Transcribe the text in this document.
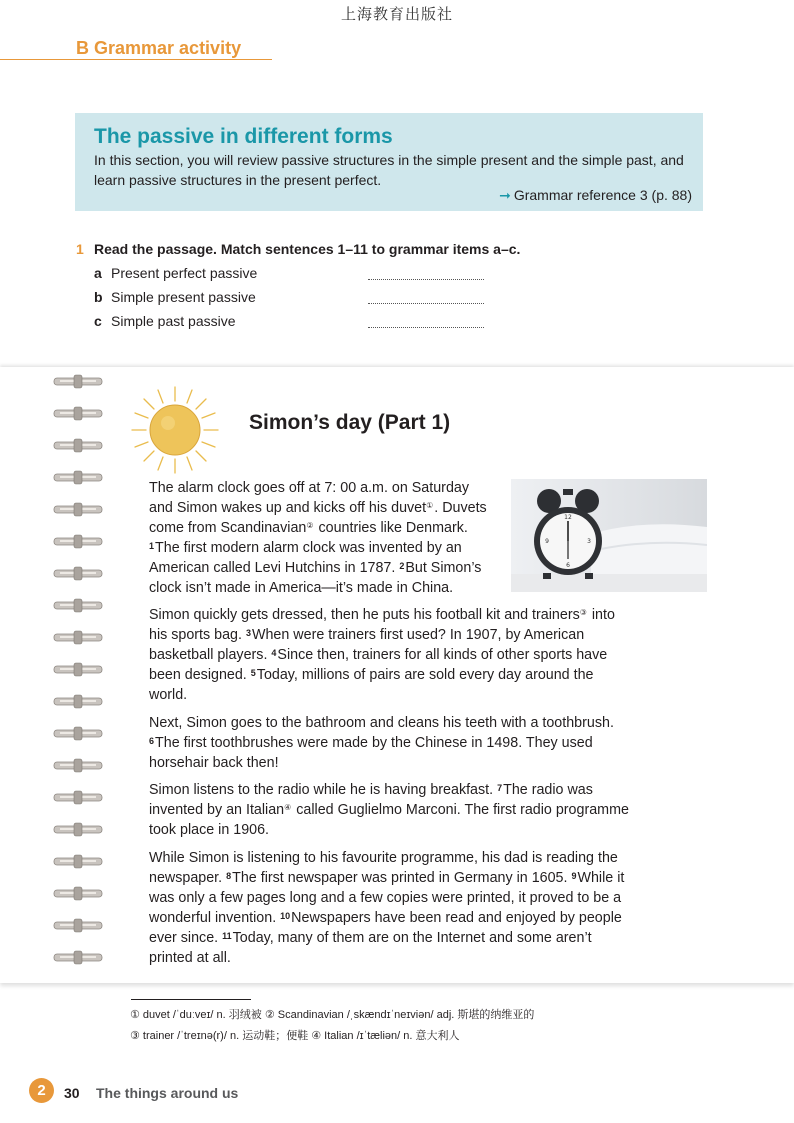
上海教育出版社
B Grammar activity
The passive in different forms
In this section, you will review passive structures in the simple present and the simple past, and learn passive structures in the present perfect.
➞ Grammar reference 3 (p. 88)
1 Read the passage. Match sentences 1–11 to grammar items a–c.
a Present perfect passive
b Simple present passive
c Simple past passive
Simon’s day (Part 1)
12
3
6
9
The alarm clock goes off at 7: 00 a.m. on Saturday and Simon wakes up and kicks off his duvet①. Duvets come from Scandinavian② countries like Denmark.
$^1$The first modern alarm clock was invented by an American called Levi Hutchins in 1787. $^2$But Simon’s clock isn’t made in America—it’s made in China.
Simon quickly gets dressed, then he puts his football kit and trainers③ into his sports bag. $^3$When were trainers first used? In 1907, by American basketball players. $^4$Since then, trainers for all kinds of other sports have been designed. $^5$Today, millions of pairs are sold every day around the world.
Next, Simon goes to the bathroom and cleans his teeth with a toothbrush.
$^6$The first toothbrushes were made by the Chinese in 1498. They used horsehair back then!
Simon listens to the radio while he is having breakfast. $^7$The radio was invented by an Italian④ called Guglielmo Marconi. The first radio programme took place in 1906.
While Simon is listening to his favourite programme, his dad is reading the newspaper. $^8$The first newspaper was printed in Germany in 1605. $^9$While it was only a few pages long and a few copies were printed, it proved to be a wonderful invention. $^{10}$Newspapers have been read and enjoyed by people ever since. $^{11}$Today, many of them are on the Internet and some aren’t printed at all.
① duvet /ˈduːveɪ/ n. 羽绒被 ② Scandinavian /ˌskændɪˈneɪviən/ adj. 斯堪的纳维亚的
③ trainer /ˈtreɪnə(r)/ n. 运动鞋；便鞋 ④ Italian /ɪˈtæliən/ n. 意大利人
2	30 The things around us
